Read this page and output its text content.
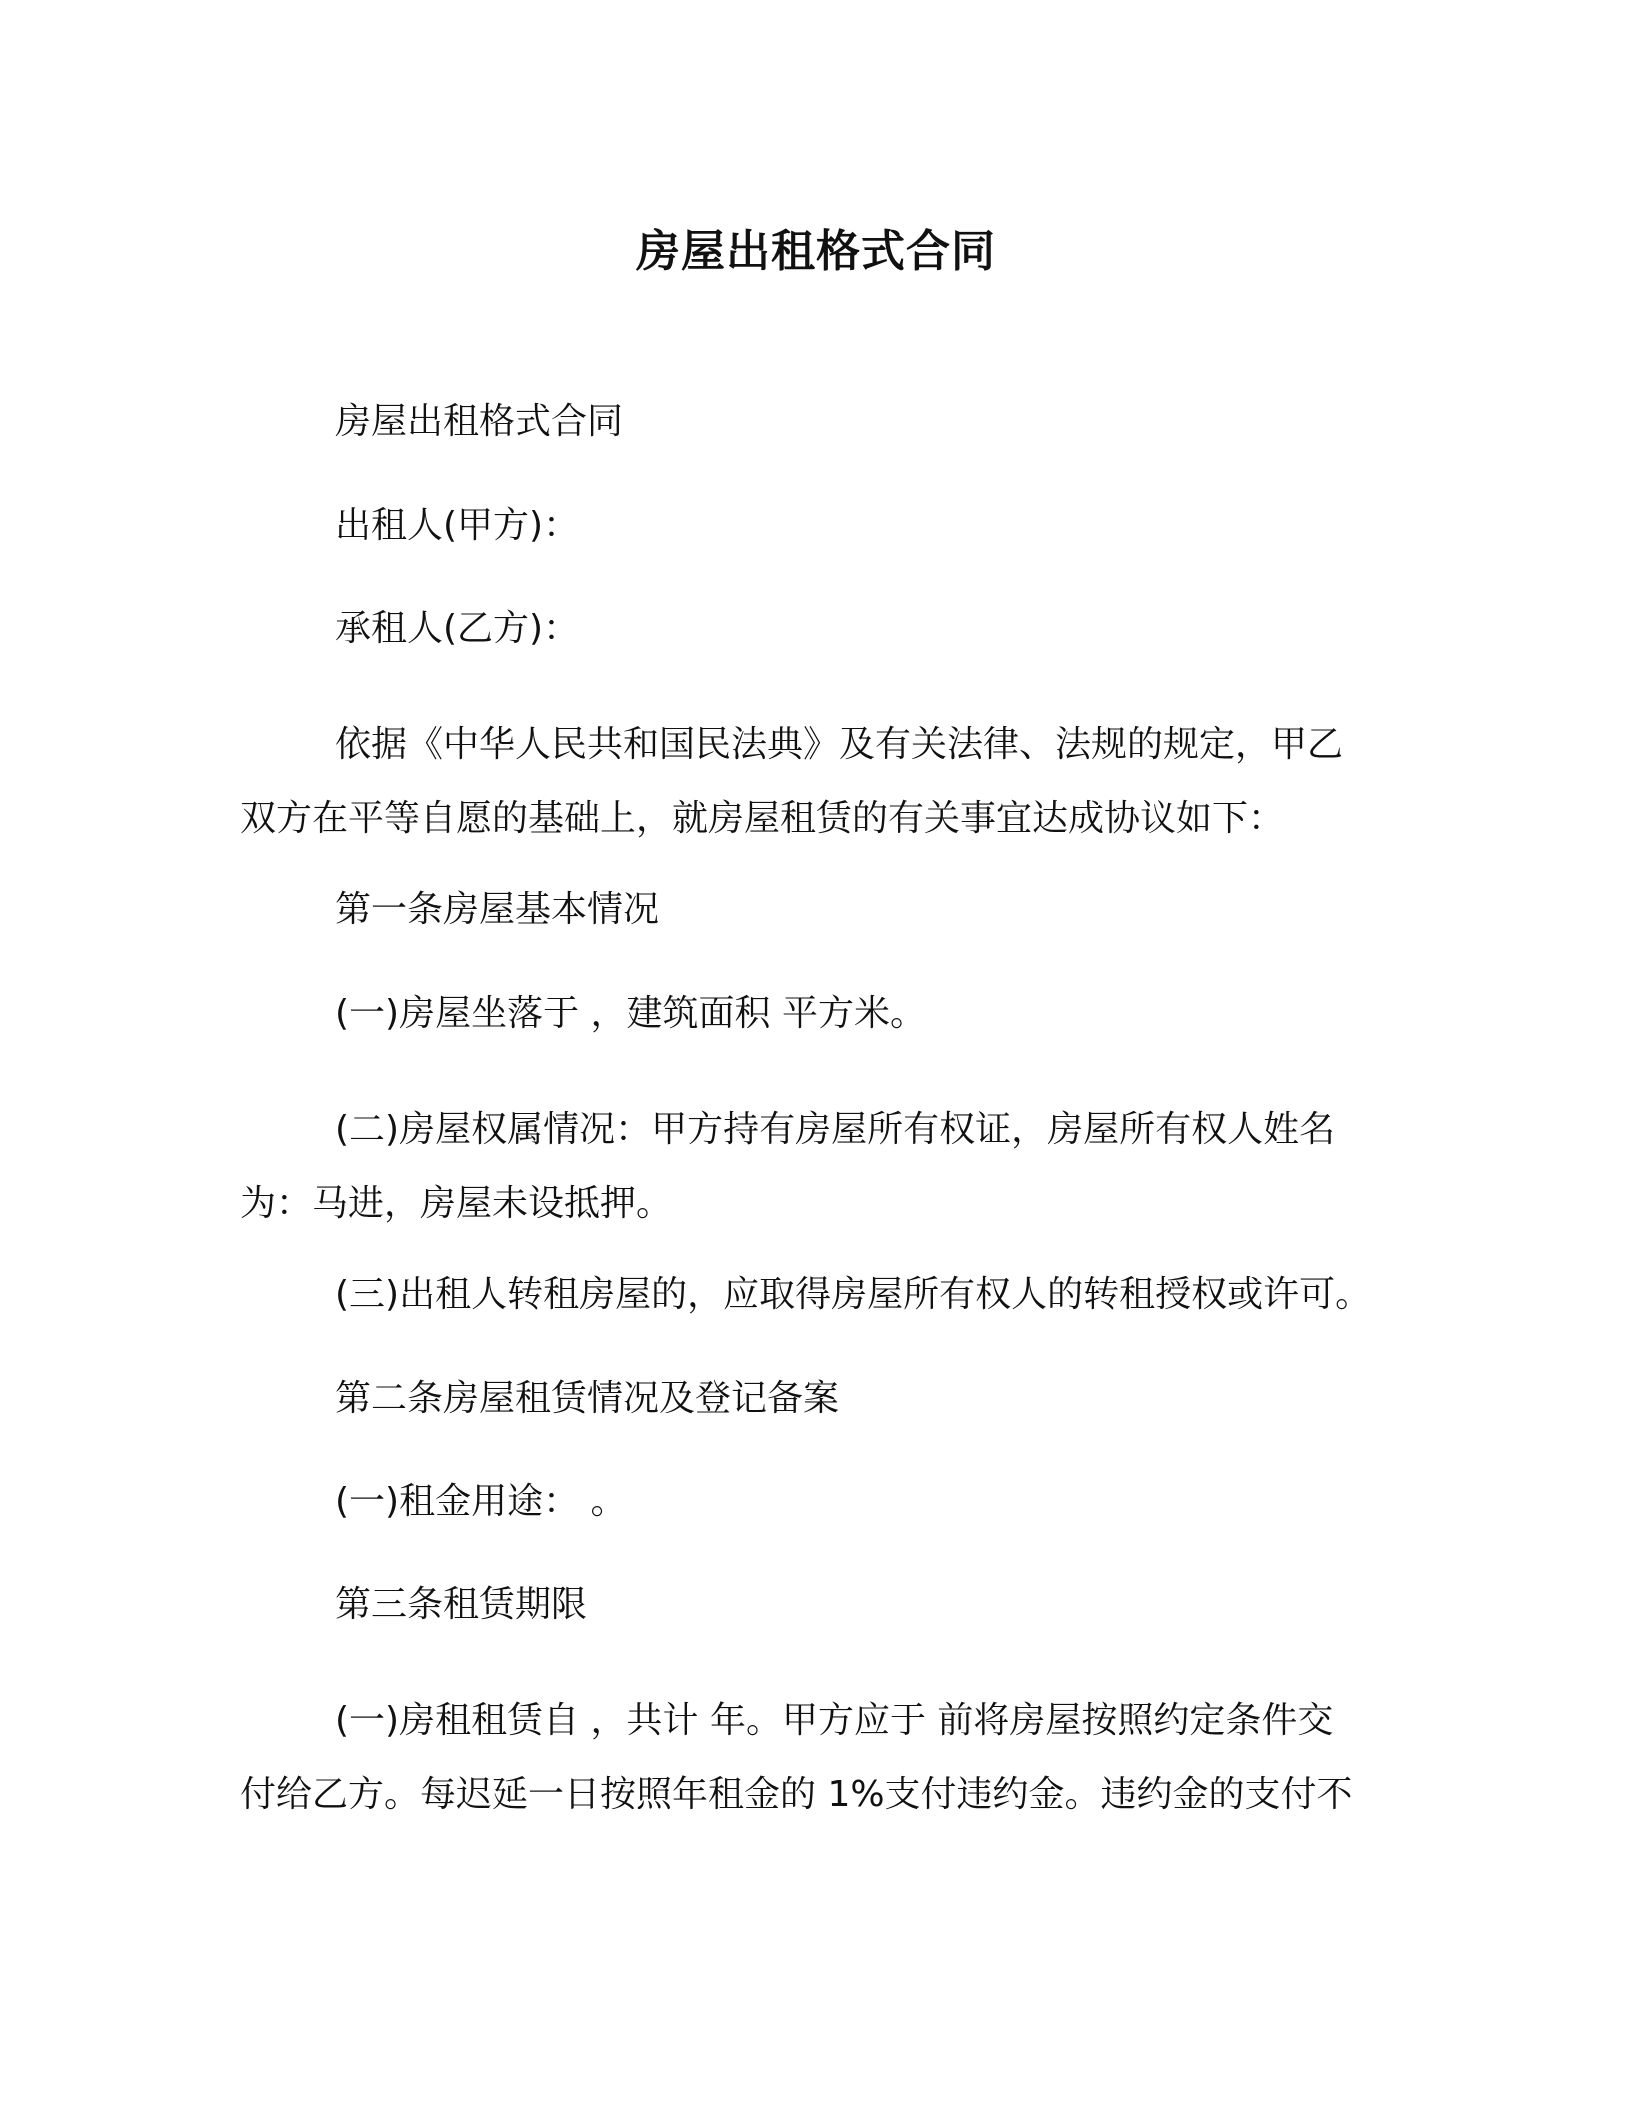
房屋出租格式合同

房屋出租格式合同

出租人(甲方)：

承租人(乙方)：

依据《中华人民共和国民法典》及有关法律、法规的规定，甲乙
双方在平等自愿的基础上，就房屋租赁的有关事宜达成协议如下：

第一条房屋基本情况

(一)房屋坐落于 ，建筑面积 平方米。

(二)房屋权属情况：甲方持有房屋所有权证，房屋所有权人姓名
为：马进，房屋未设抵押。

(三)出租人转租房屋的，应取得房屋所有权人的转租授权或许可。

第二条房屋租赁情况及登记备案

(一)租金用途： 。

第三条租赁期限

(一)房租租赁自 ，共计 年。甲方应于 前将房屋按照约定条件交
付给乙方。每迟延一日按照年租金的 1%支付违约金。违约金的支付不
